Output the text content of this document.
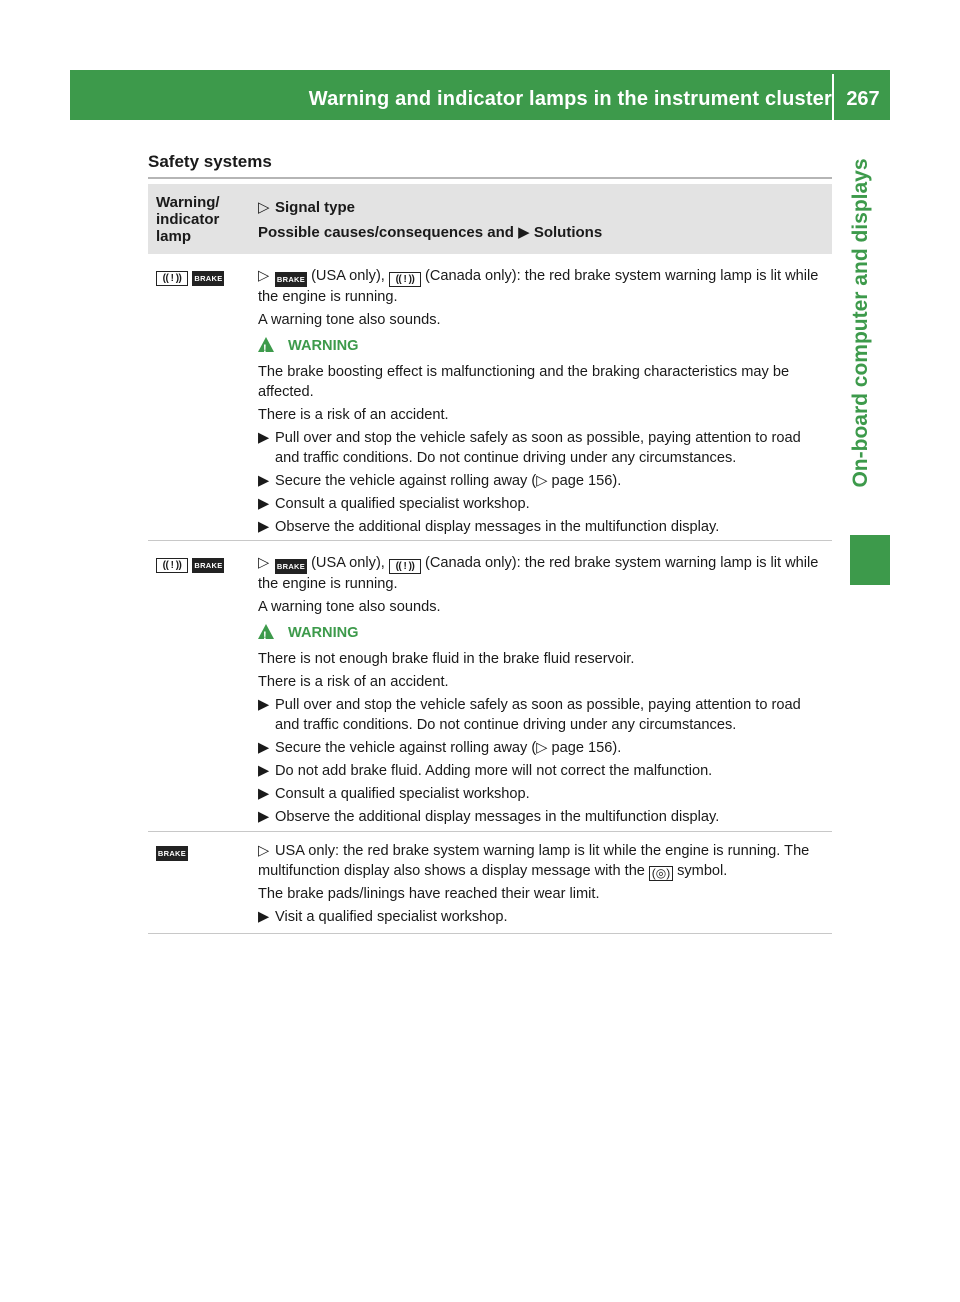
Warning and indicator lamps in the instrument cluster 267
On-board computer and displays
Safety systems
Warning/ indicator lamp
▷ Signal type
Possible causes/consequences and ▶ Solutions
(( ! )) BRAKE ▷ BRAKE (USA only), (( ! )) (Canada only): the red brake system warning lamp is lit while the engine is running.

A warning tone also sounds.

!WARNING

The brake boosting effect is malfunctioning and the braking characteristics may be affected.

There is a risk of an accident.

▶ Pull over and stop the vehicle safely as soon as possible, paying attention to road and traffic conditions. Do not continue driving under any circumstances.

▶ Secure the vehicle against rolling away (▷ page 156).

▶ Consult a qualified specialist workshop.

▶ Observe the additional display messages in the multifunction display.

(( ! )) BRAKE ▷ BRAKE (USA only), (( ! )) (Canada only): the red brake system warning lamp is lit while the engine is running.

A warning tone also sounds.

!WARNING

There is not enough brake fluid in the brake fluid reservoir.

There is a risk of an accident.

▶ Pull over and stop the vehicle safely as soon as possible, paying attention to road and traffic conditions. Do not continue driving under any circumstances.

▶ Secure the vehicle against rolling away (▷ page 156).

▶ Do not add brake fluid. Adding more will not correct the malfunction.

▶ Consult a qualified specialist workshop.

▶ Observe the additional display messages in the multifunction display.

BRAKE	▷ USA only: the red brake system warning lamp is lit while the engine is running. The multifunction display also shows a display message with the (◎) symbol.

The brake pads/linings have reached their wear limit.

▶ Visit a qualified specialist workshop.
